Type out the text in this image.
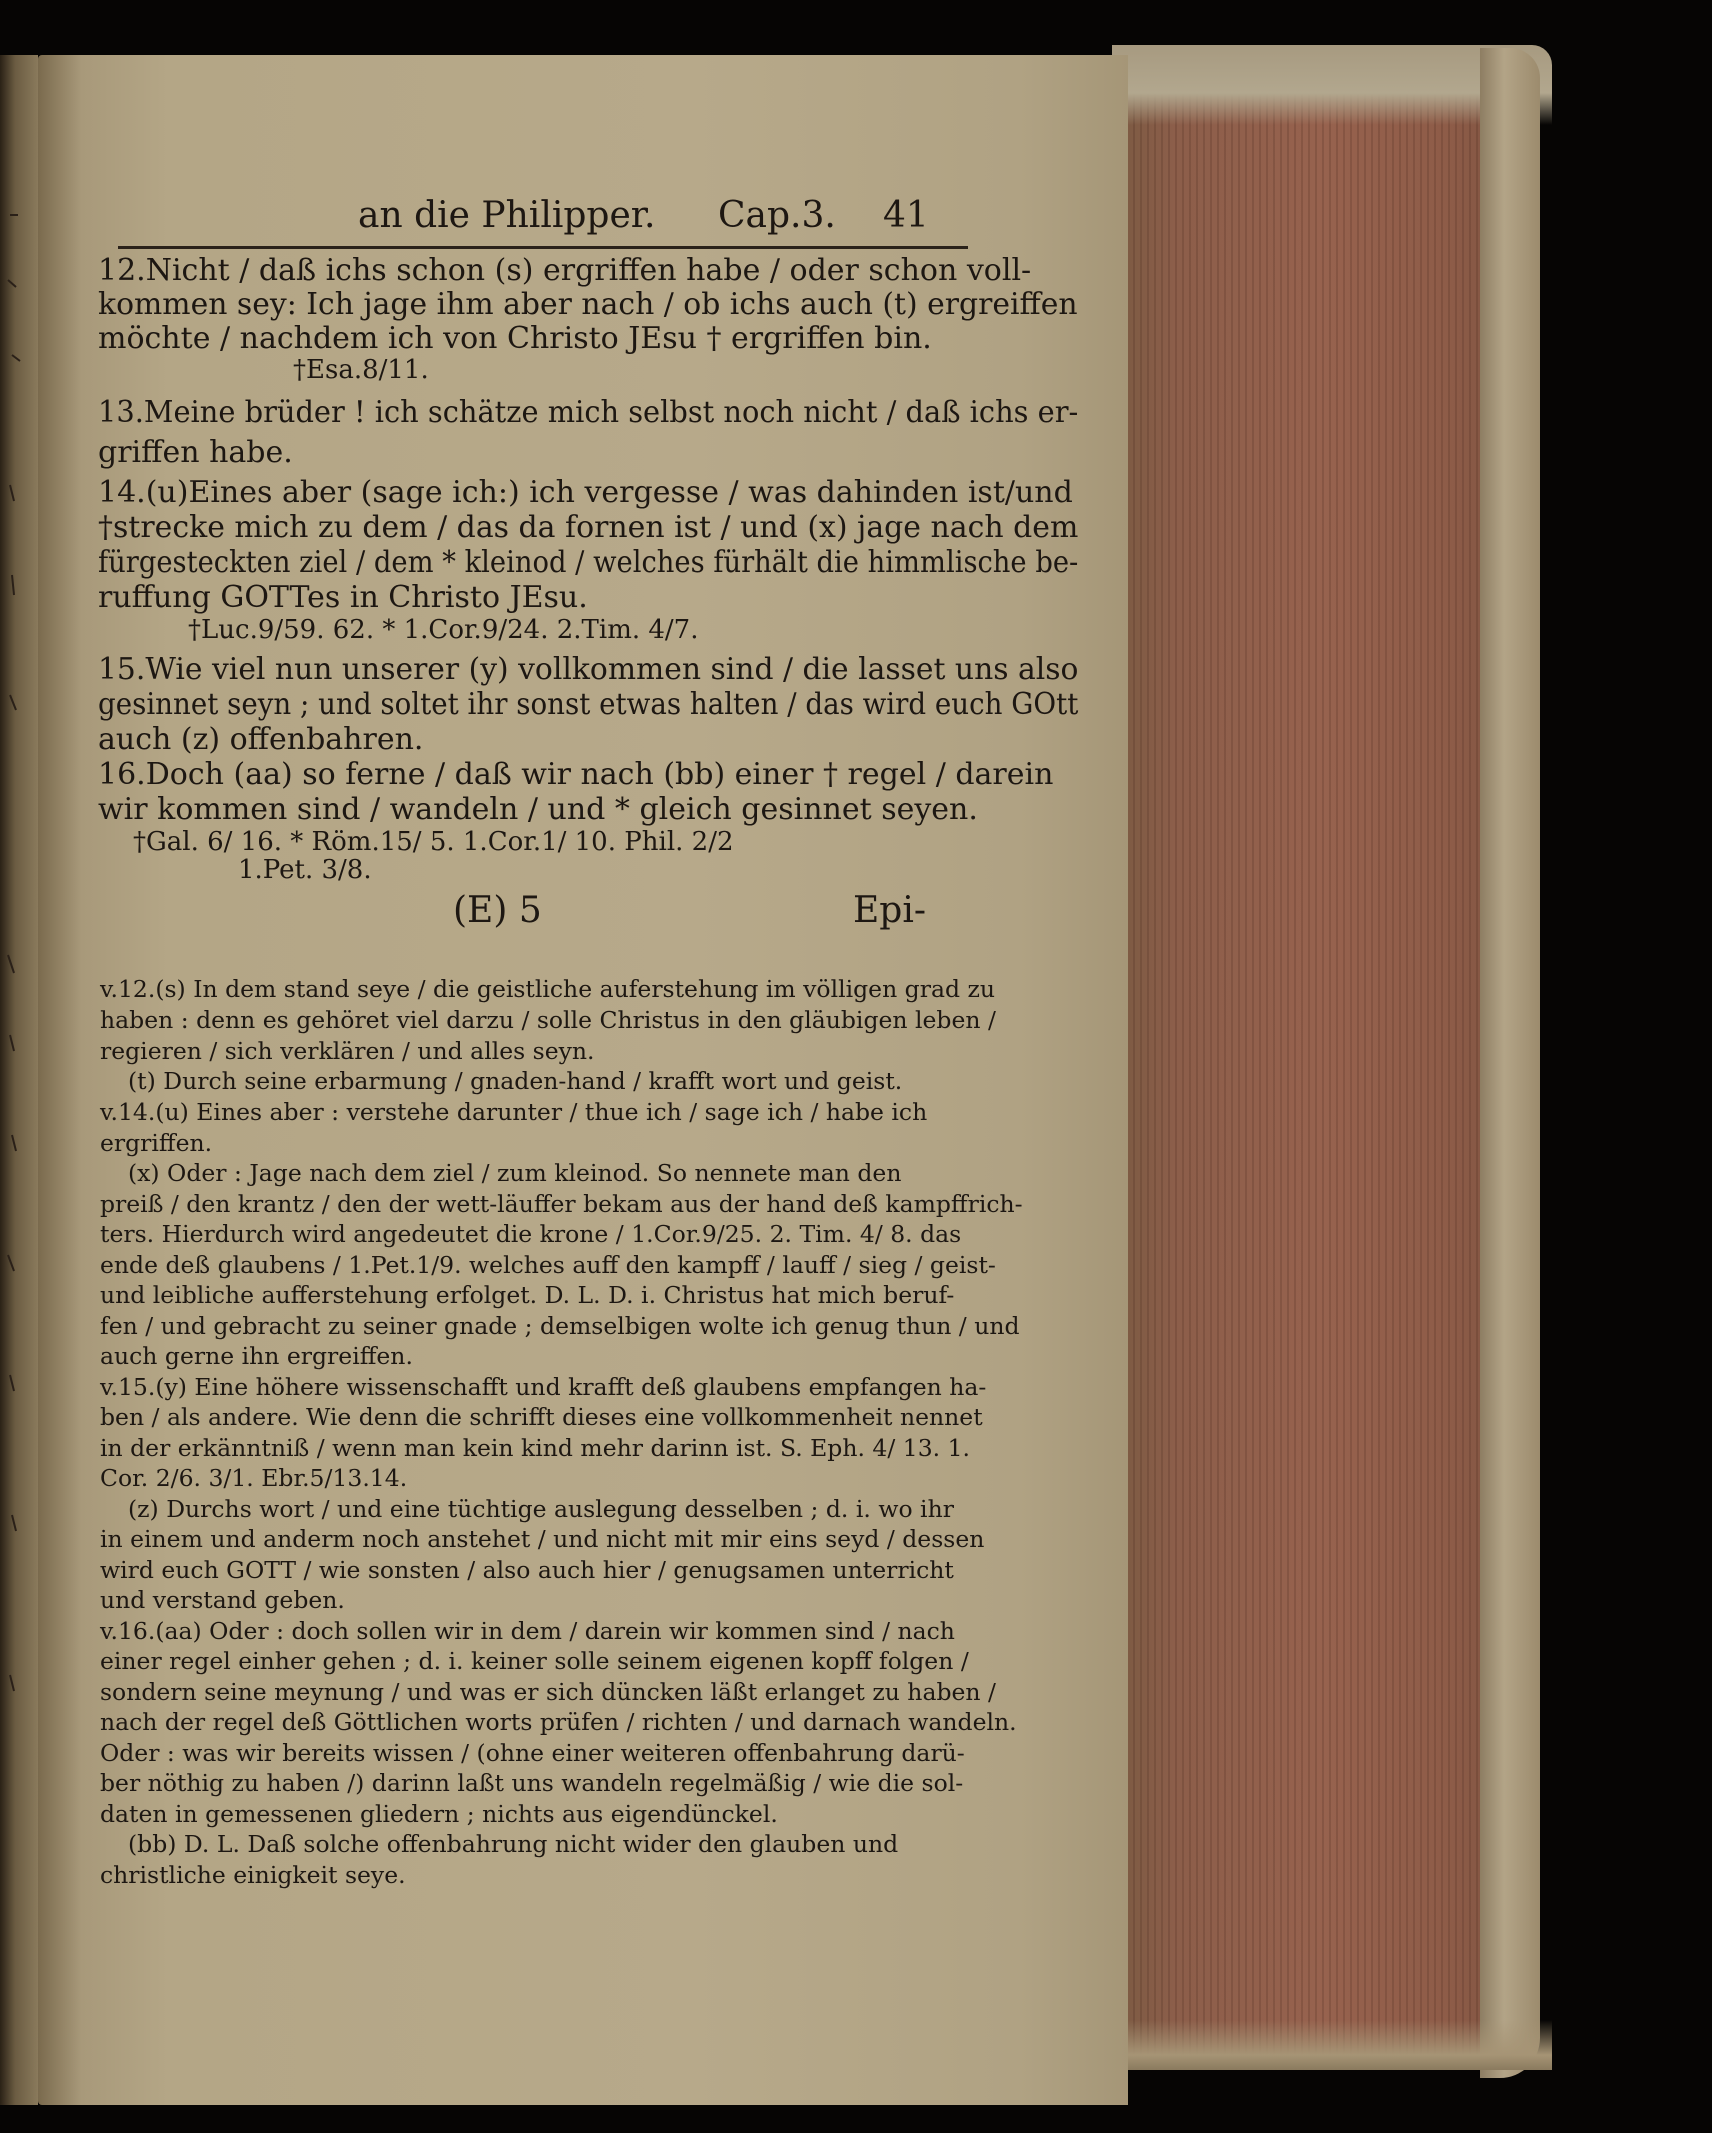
an die Philipper. Cap.3. 41
12.Nicht / daß ichs schon (s) ergriffen habe / oder schon voll-
kommen sey: Ich jage ihm aber nach / ob ichs auch (t) ergreiffen
möchte / nachdem ich von Christo JEsu † ergriffen bin.
†Esa.8/11.
13.Meine brüder ! ich schätze mich selbst noch nicht / daß ichs er-
griffen habe.
14.(u)Eines aber (sage ich:) ich vergesse / was dahinden ist/und
†strecke mich zu dem / das da fornen ist / und (x) jage nach dem
fürgesteckten ziel / dem * kleinod / welches fürhält die himmlische be-
ruffung GOTTes in Christo JEsu.
†Luc.9/59. 62. * 1.Cor.9/24. 2.Tim. 4/7.
15.Wie viel nun unserer (y) vollkommen sind / die lasset uns also
gesinnet seyn ; und soltet ihr sonst etwas halten / das wird euch GOtt
auch (z) offenbahren.
16.Doch (aa) so ferne / daß wir nach (bb) einer † regel / darein
wir kommen sind / wandeln / und * gleich gesinnet seyen.
†Gal. 6/ 16. * Röm.15/ 5. 1.Cor.1/ 10. Phil. 2/2
1.Pet. 3/8.
(E) 5	Epi-
v.12.(s) In dem stand seye / die geistliche auferstehung im völligen grad zu
haben : denn es gehöret viel darzu / solle Christus in den gläubigen leben /
regieren / sich verklären / und alles seyn.
(t) Durch seine erbarmung / gnaden-hand / krafft wort und geist.
v.14.(u) Eines aber : verstehe darunter / thue ich / sage ich / habe ich
ergriffen.
(x) Oder : Jage nach dem ziel / zum kleinod. So nennete man den
preiß / den krantz / den der wett-läuffer bekam aus der hand deß kampffrich-
ters. Hierdurch wird angedeutet die krone / 1.Cor.9/25. 2. Tim. 4/ 8. das
ende deß glaubens / 1.Pet.1/9. welches auff den kampff / lauff / sieg / geist-
und leibliche aufferstehung erfolget. D. L. D. i. Christus hat mich beruf-
fen / und gebracht zu seiner gnade ; demselbigen wolte ich genug thun / und
auch gerne ihn ergreiffen.
v.15.(y) Eine höhere wissenschafft und krafft deß glaubens empfangen ha-
ben / als andere. Wie denn die schrifft dieses eine vollkommenheit nennet
in der erkänntniß / wenn man kein kind mehr darinn ist. S. Eph. 4/ 13. 1.
Cor. 2/6. 3/1. Ebr.5/13.14.
(z) Durchs wort / und eine tüchtige auslegung desselben ; d. i. wo ihr
in einem und anderm noch anstehet / und nicht mit mir eins seyd / dessen
wird euch GOTT / wie sonsten / also auch hier / genugsamen unterricht
und verstand geben.
v.16.(aa) Oder : doch sollen wir in dem / darein wir kommen sind / nach
einer regel einher gehen ; d. i. keiner solle seinem eigenen kopff folgen /
sondern seine meynung / und was er sich düncken läßt erlanget zu haben /
nach der regel deß Göttlichen worts prüfen / richten / und darnach wandeln.
Oder : was wir bereits wissen / (ohne einer weiteren offenbahrung darü-
ber nöthig zu haben /) darinn laßt uns wandeln regelmäßig / wie die sol-
daten in gemessenen gliedern ; nichts aus eigendünckel.
(bb) D. L. Daß solche offenbahrung nicht wider den glauben und
christliche einigkeit seye.
